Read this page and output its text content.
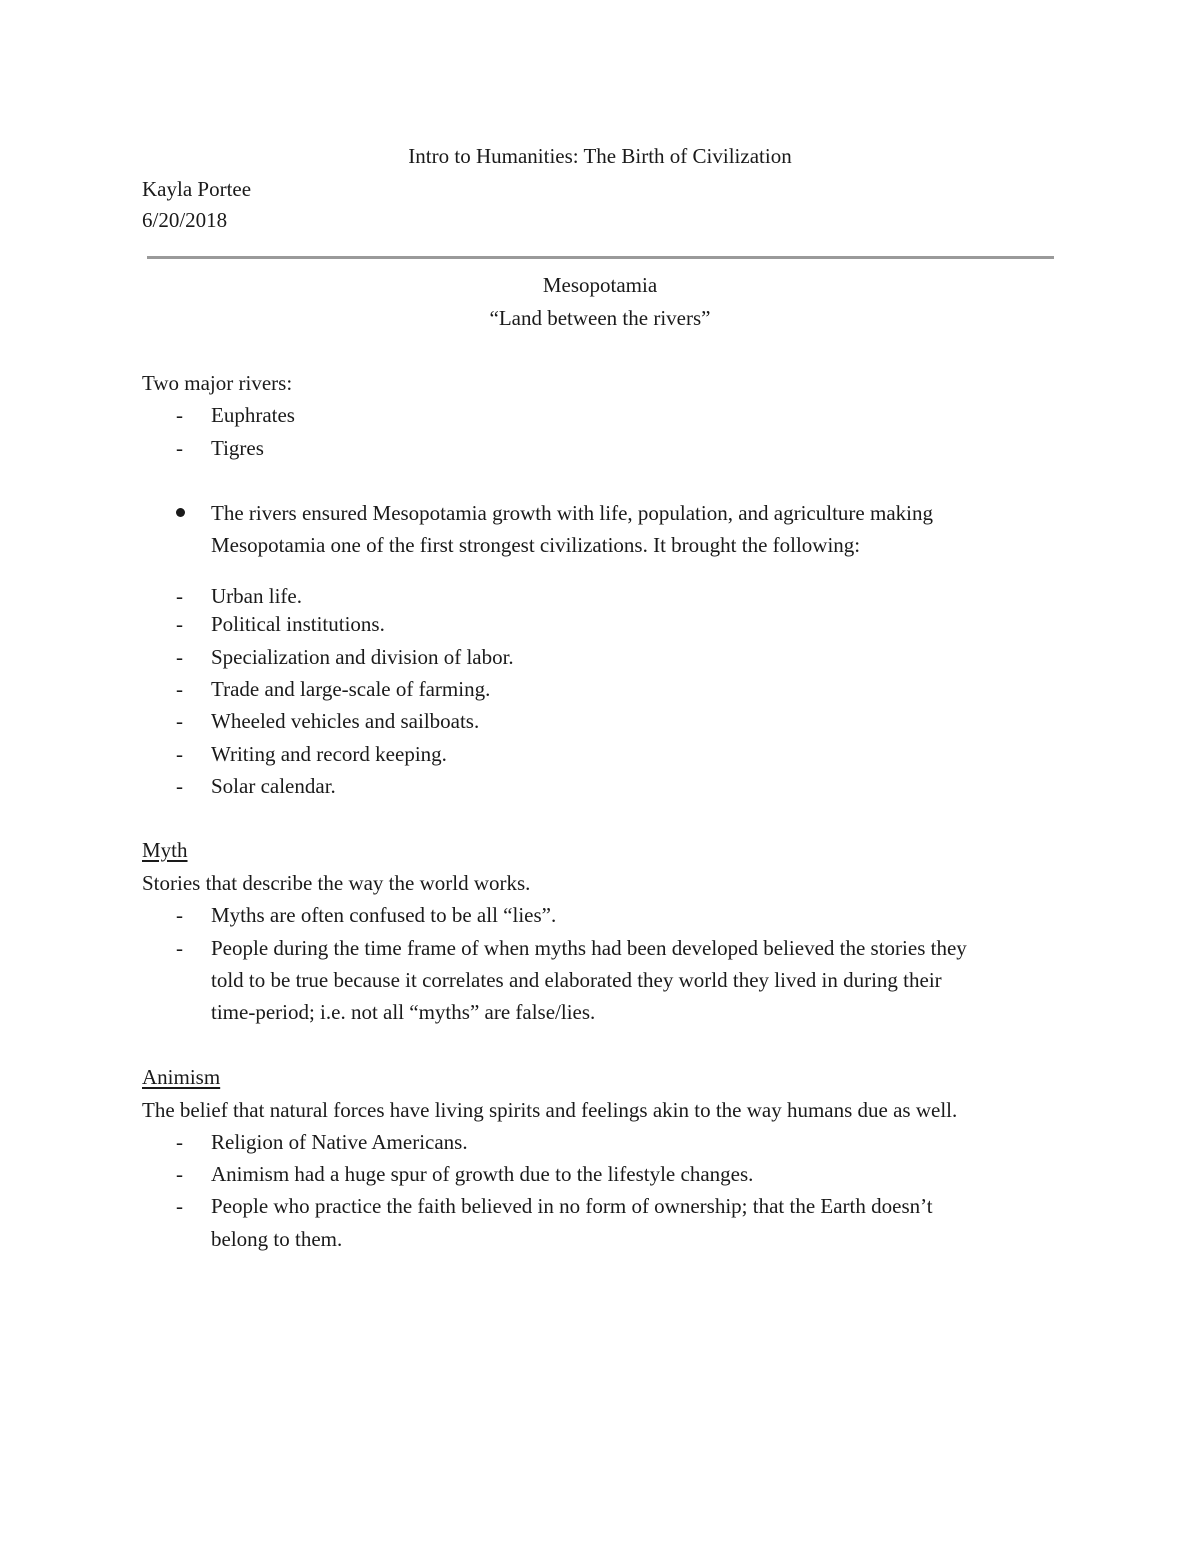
Intro to Humanities: The Birth of Civilization
Kayla Portee
6/20/2018
Mesopotamia
“Land between the rivers”
Two major rivers:
- Euphrates
- Tigres
The rivers ensured Mesopotamia growth with life, population, and agriculture making
Mesopotamia one of the first strongest civilizations. It brought the following:
- Urban life.
- Political institutions.
- Specialization and division of labor.
- Trade and large-scale of farming.
- Wheeled vehicles and sailboats.
- Writing and record keeping.
- Solar calendar.
Myth
Stories that describe the way the world works.
- Myths are often confused to be all “lies”.
- People during the time frame of when myths had been developed believed the stories they
told to be true because it correlates and elaborated they world they lived in during their
time-period; i.e. not all “myths” are false/lies.
Animism
The belief that natural forces have living spirits and feelings akin to the way humans due as well.
- Religion of Native Americans.
- Animism had a huge spur of growth due to the lifestyle changes.
- People who practice the faith believed in no form of ownership; that the Earth doesn’t
belong to them.
